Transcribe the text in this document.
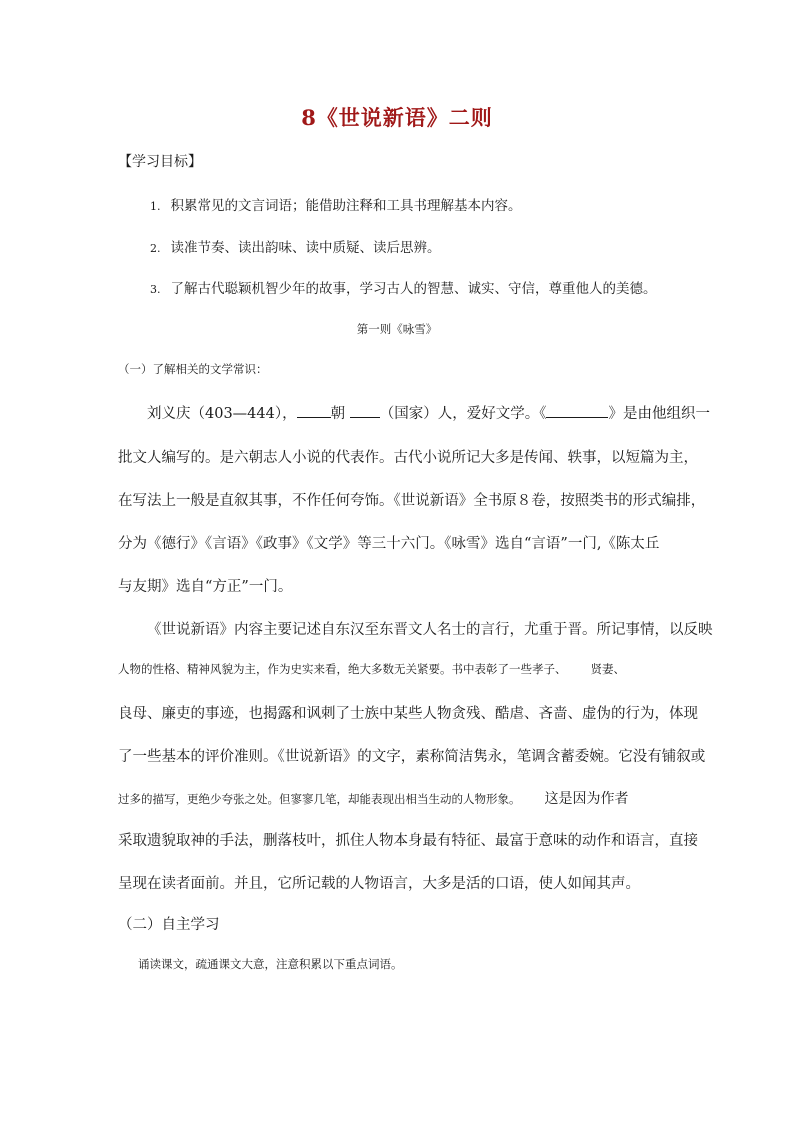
8《世说新语》二则
【学习目标】
1. 积累常见的文言词语；能借助注释和工具书理解基本内容。
2. 读准节奏、读出韵味、读中质疑、读后思辨。
3. 了解古代聪颖机智少年的故事，学习古人的智慧、诚实、守信，尊重他人的美德。
第一则《咏雪》
（一）了解相关的文学常识：
刘义庆（403—444）， 朝 （国家）人，爱好文学。《	》是由他组织一
批文人编写的。是六朝志人小说的代表作。古代小说所记大多是传闻、轶事，以短篇为主，
在写法上一般是直叙其事，不作任何夸饰。《世说新语》全书原８卷，按照类书的形式编排，
分为《德行》《言语》《政事》《文学》等三十六门。《咏雪》选自“言语”一门,《陈太丘
与友期》选自“方正”一门。
《世说新语》内容主要记述自东汉至东晋文人名士的言行，尤重于晋。所记事情，以反映
人物的性格、精神风貌为主，作为史实来看，绝大多数无关紧要。书中表彰了一些孝子、 贤妻、
良母、廉吏的事迹，也揭露和讽刺了士族中某些人物贪残、酷虐、吝啬、虚伪的行为，体现
了一些基本的评价准则。《世说新语》的文字，素称简洁隽永，笔调含蓄委婉。它没有铺叙或
过多的描写，更绝少夸张之处。但寥寥几笔，却能表现出相当生动的人物形象。 这是因为作者
采取遗貌取神的手法，删落枝叶，抓住人物本身最有特征、最富于意味的动作和语言，直接
呈现在读者面前。并且，它所记载的人物语言，大多是活的口语，使人如闻其声。
（二）自主学习
诵读课文，疏通课文大意，注意积累以下重点词语。
